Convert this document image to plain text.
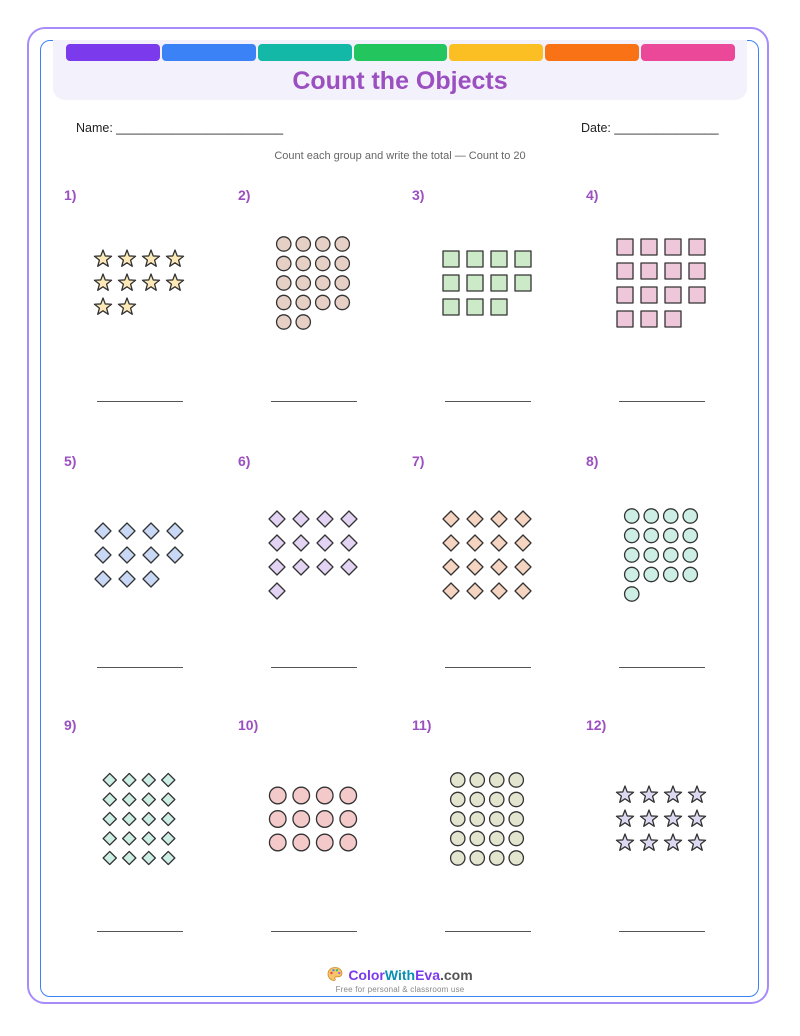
Count the Objects
Name: ________________________	Date: _______________
Count each group and write the total — Count to 20
1)	2)	3)	4)
5)	6)	7)	8)
9)	10)	11)	12)
ColorWithEva.com
Free for personal & classroom use
